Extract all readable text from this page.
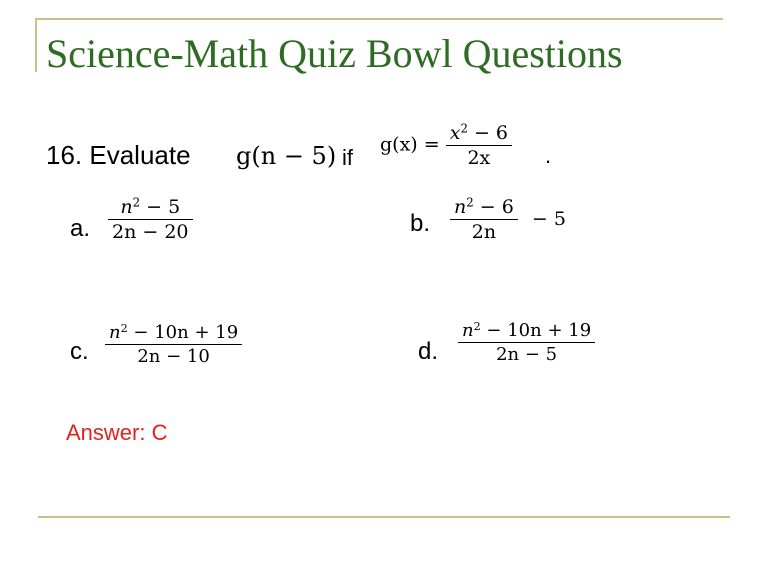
Science-Math Quiz Bowl Questions
16. Evaluate g(n − 5) if
$g(x) = \frac{x^2 - 6}{2x}$ .
a. $\frac{n^2 - 5}{2n - 20}$	b. $\frac{n^2 - 6}{2n} - 5$
c. $\frac{n^2 - 10n + 19}{2n - 10}$	d. $\frac{n^2 - 10n + 19}{2n - 5}$
Answer: C
